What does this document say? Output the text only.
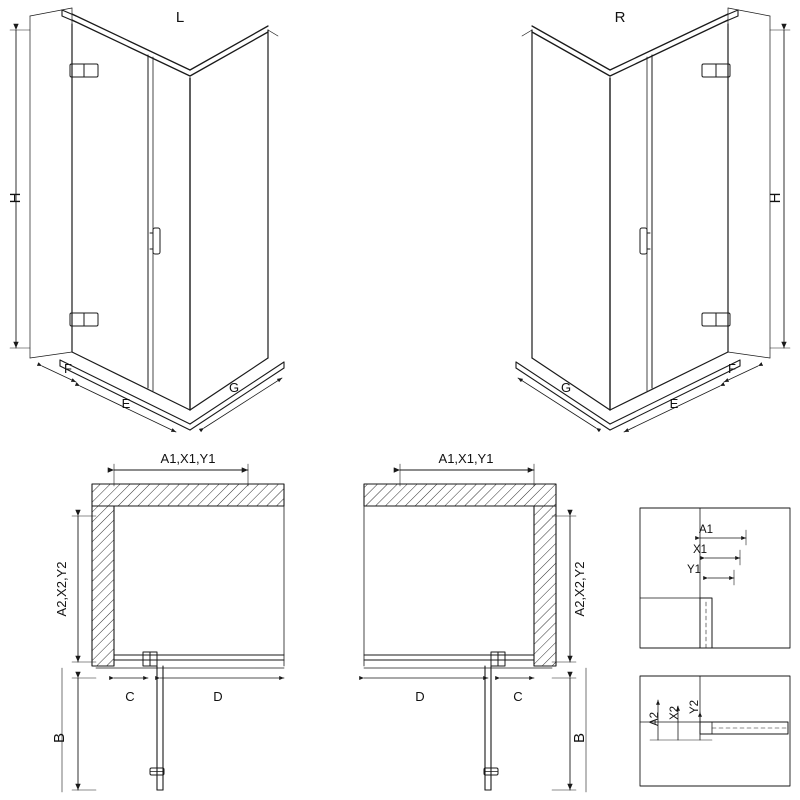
L	R
H	H
F
E
G
F
E
G
A1,X1,Y1
A2,X2,Y2
C	D
B
A1,X1,Y1
A2,X2,Y2
D	C
B
A1
X1
Y1
A2 X2 Y2
